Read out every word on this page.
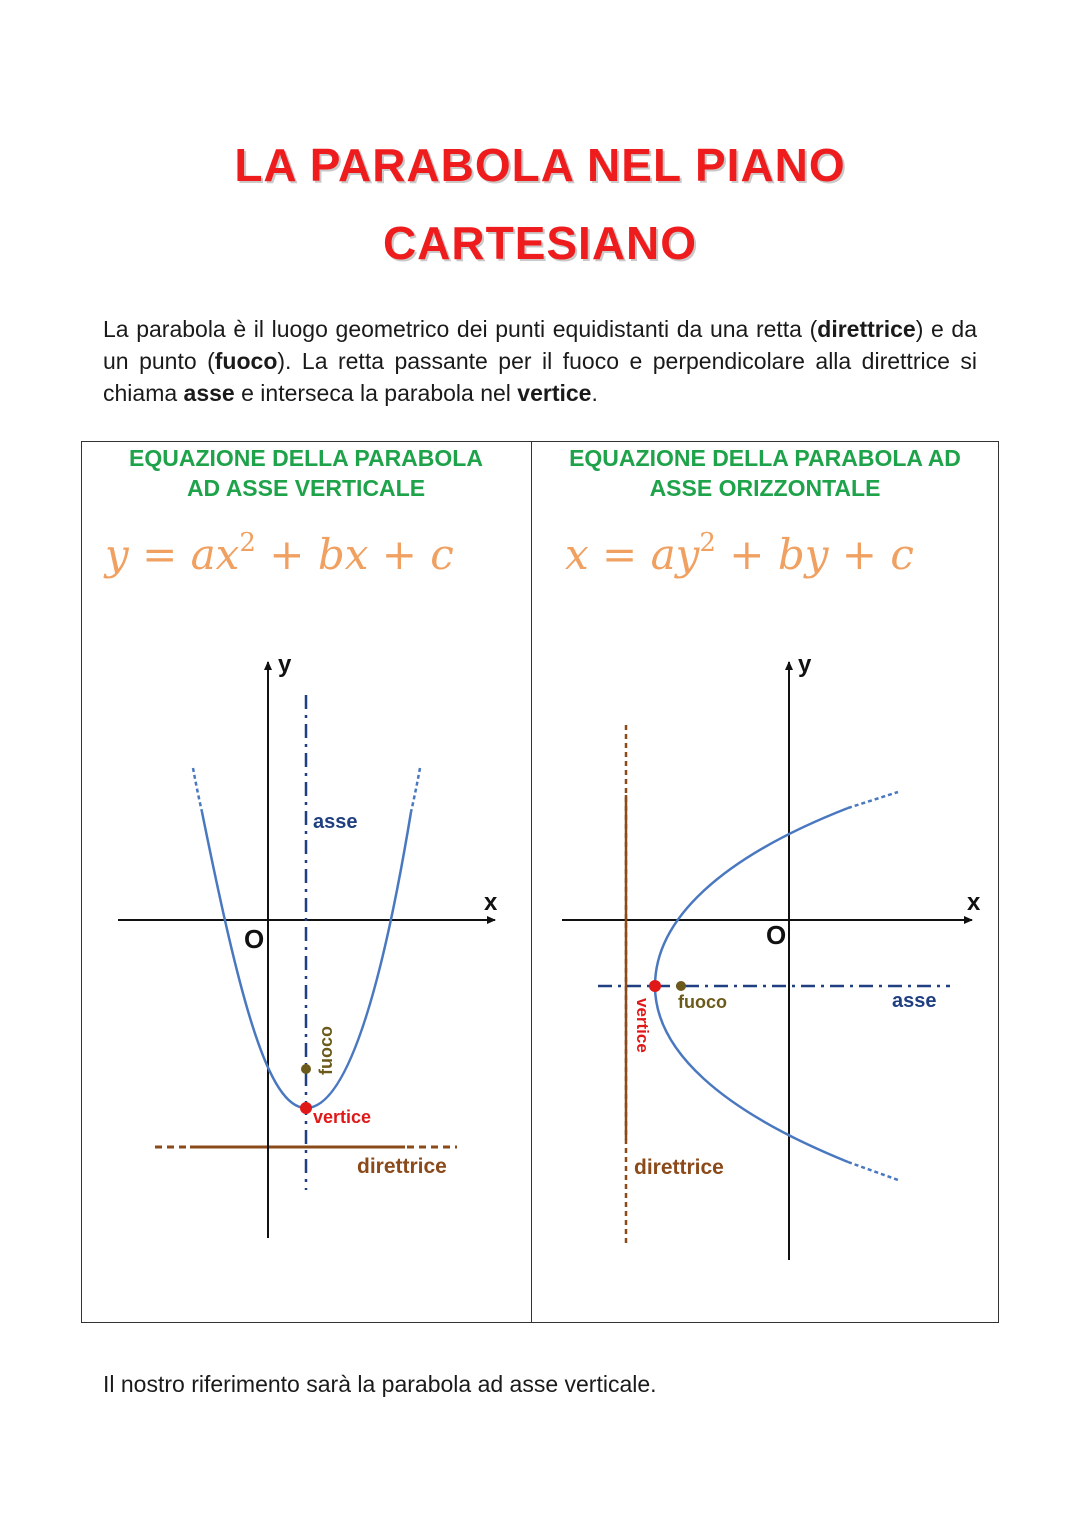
LA PARABOLA NEL PIANO
CARTESIANO
La parabola è il luogo geometrico dei punti equidistanti da una retta (direttrice) e da un punto (fuoco). La retta passante per il fuoco e perpendicolare alla direttrice si chiama asse e interseca la parabola nel vertice.
EQUAZIONE DELLA PARABOLA
AD ASSE VERTICALE
EQUAZIONE DELLA PARABOLA AD
ASSE ORIZZONTALE
$y = ax^2$ + bx + c	$x = ay^2$ + by + c
y
x
O
asse
fuoco
vertice
direttrice
y
x
O
fuoco	asse
vertice
direttrice
Il nostro riferimento sarà la parabola ad asse verticale.
